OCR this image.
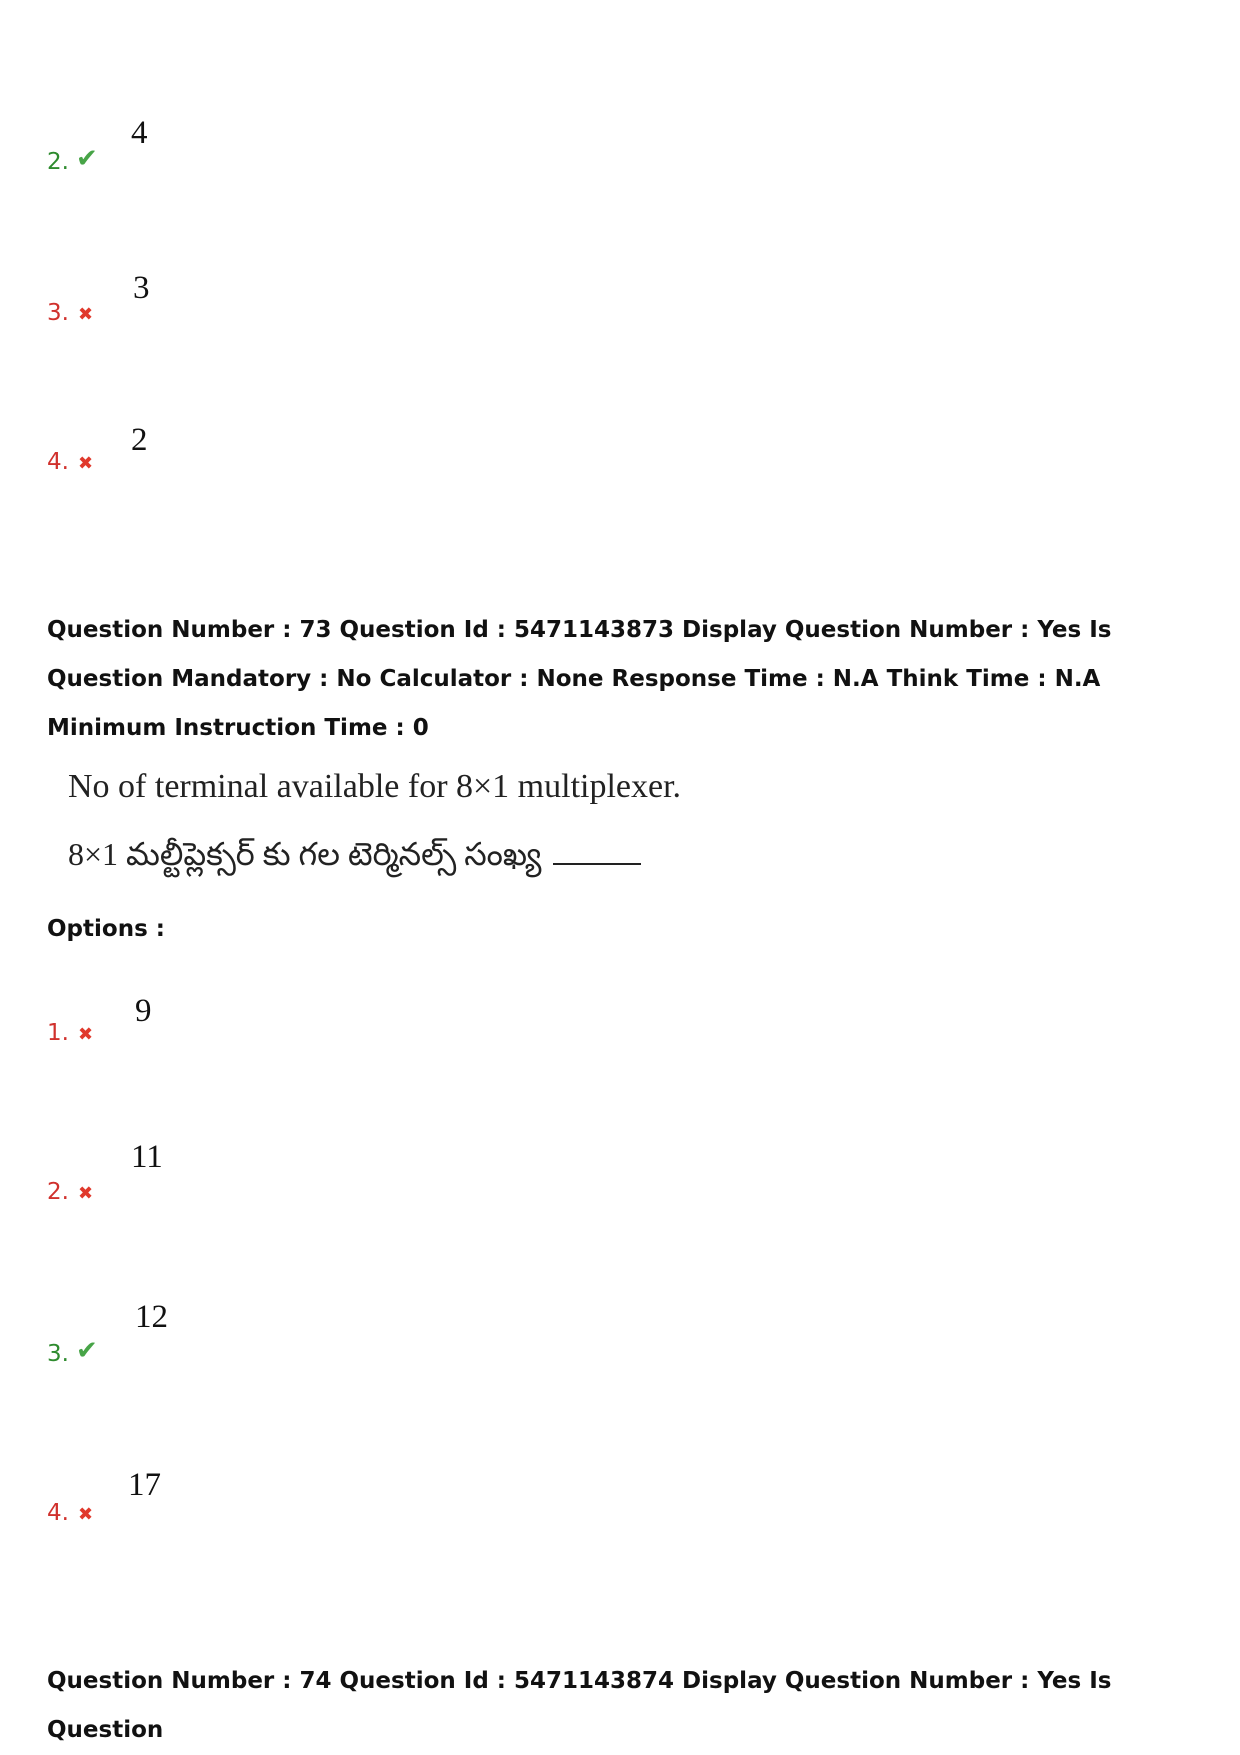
2. ✔
4
3. ✖
3
4. ✖
2
Question Number : 73 Question Id : 5471143873 Display Question Number : Yes Is Question Mandatory : No Calculator : None Response Time : N.A Think Time : N.A Minimum Instruction Time : 0
No of terminal available for 8×1 multiplexer.
8×1 మల్టీప్లెక్సర్ కు గల టెర్మినల్స్ సంఖ్య
Options :
1. ✖
9
2. ✖
11
3. ✔
12
4. ✖
17
Question Number : 74 Question Id : 5471143874 Display Question Number : Yes Is Question
